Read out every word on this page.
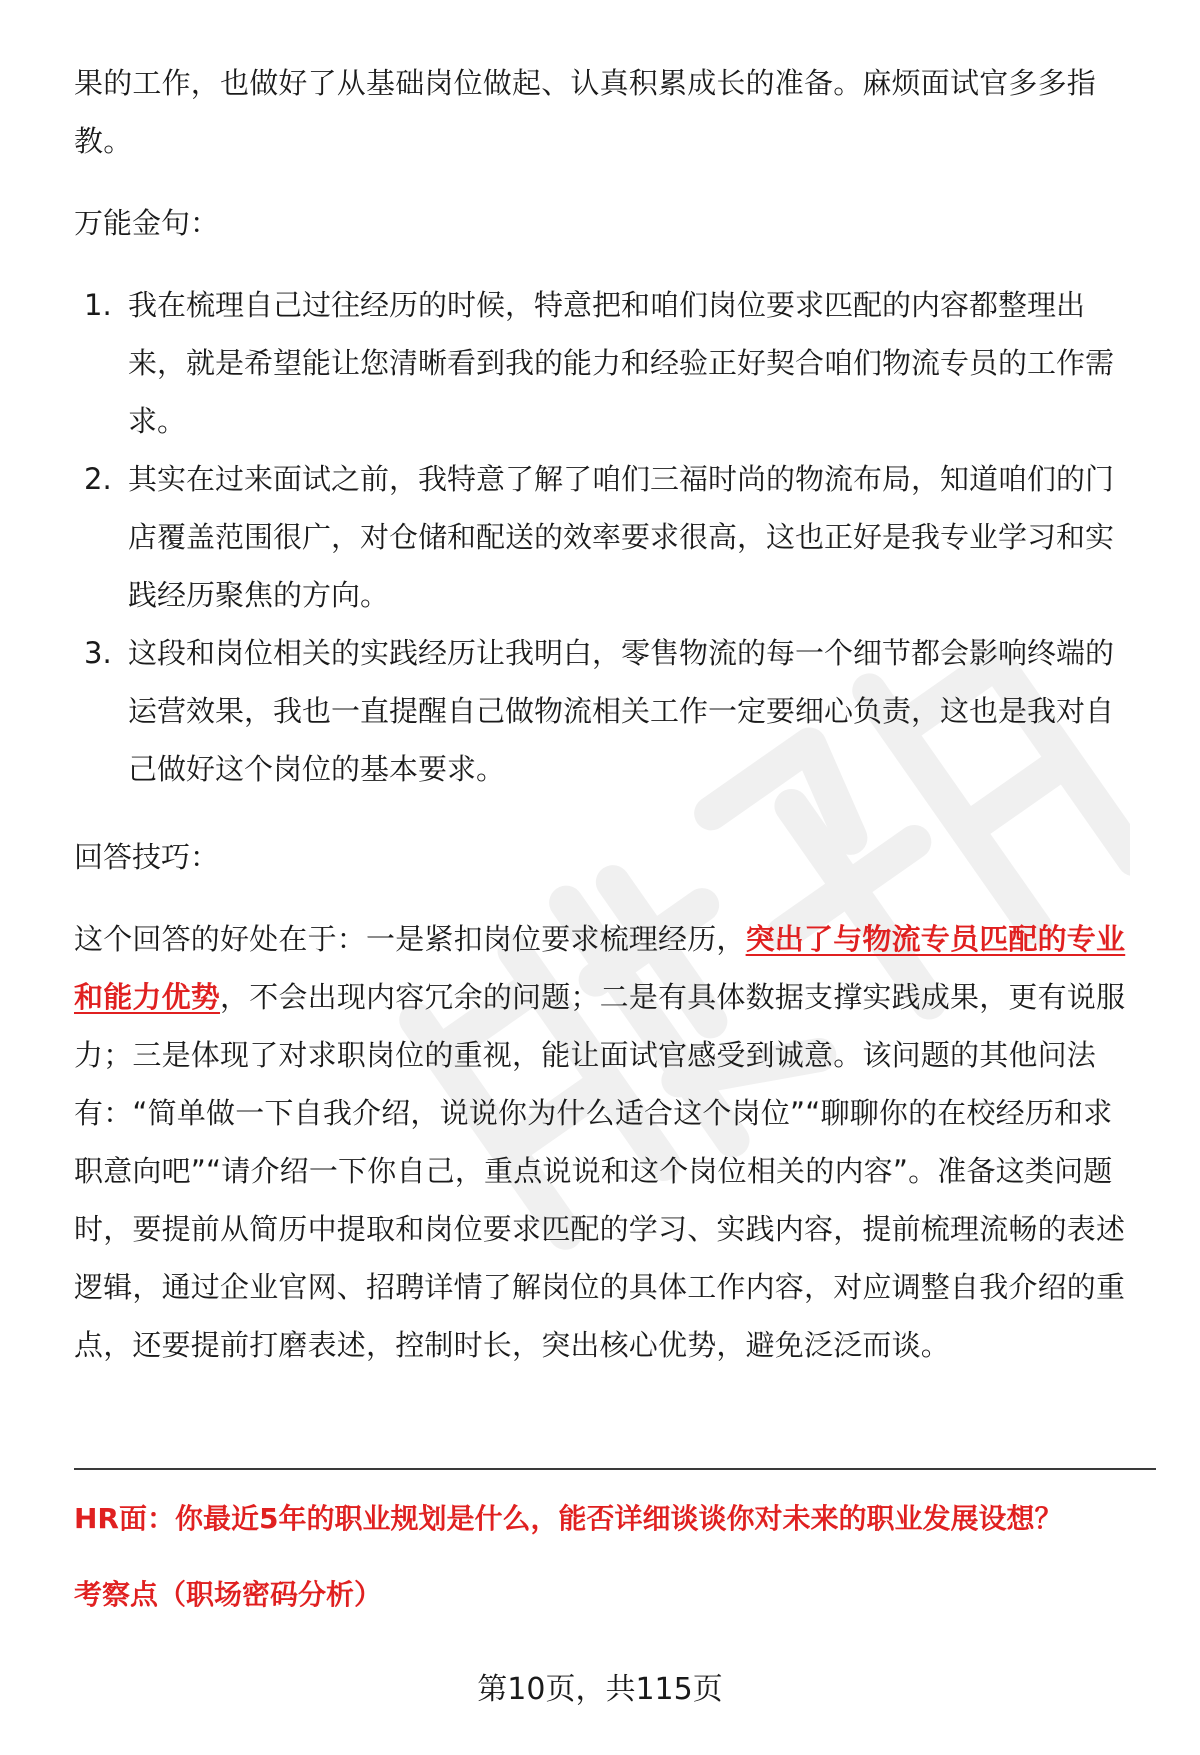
果的工作，也做好了从基础岗位做起、认真积累成长的准备。麻烦面试官多多指教。

万能金句：

1. 我在梳理自己过往经历的时候，特意把和咱们岗位要求匹配的内容都整理出来，就是希望能让您清晰看到我的能力和经验正好契合咱们物流专员的工作需求。
2. 其实在过来面试之前，我特意了解了咱们三福时尚的物流布局，知道咱们的门店覆盖范围很广，对仓储和配送的效率要求很高，这也正好是我专业学习和实践经历聚焦的方向。
3. 这段和岗位相关的实践经历让我明白，零售物流的每一个细节都会影响终端的运营效果，我也一直提醒自己做物流相关工作一定要细心负责，这也是我对自己做好这个岗位的基本要求。

回答技巧：

这个回答的好处在于：一是紧扣岗位要求梳理经历，突出了与物流专员匹配的专业和能力优势，不会出现内容冗余的问题；二是有具体数据支撑实践成果，更有说服力；三是体现了对求职岗位的重视，能让面试官感受到诚意。该问题的其他问法有：“简单做一下自我介绍，说说你为什么适合这个岗位”“聊聊你的在校经历和求职意向吧”“请介绍一下你自己，重点说说和这个岗位相关的内容”。准备这类问题时，要提前从简历中提取和岗位要求匹配的学习、实践内容，提前梳理流畅的表述逻辑，通过企业官网、招聘详情了解岗位的具体工作内容，对应调整自我介绍的重点，还要提前打磨表述，控制时长，突出核心优势，避免泛泛而谈。

HR面：你最近5年的职业规划是什么，能否详细谈谈你对未来的职业发展设想？

考察点（职场密码分析）

第10页，共115页
